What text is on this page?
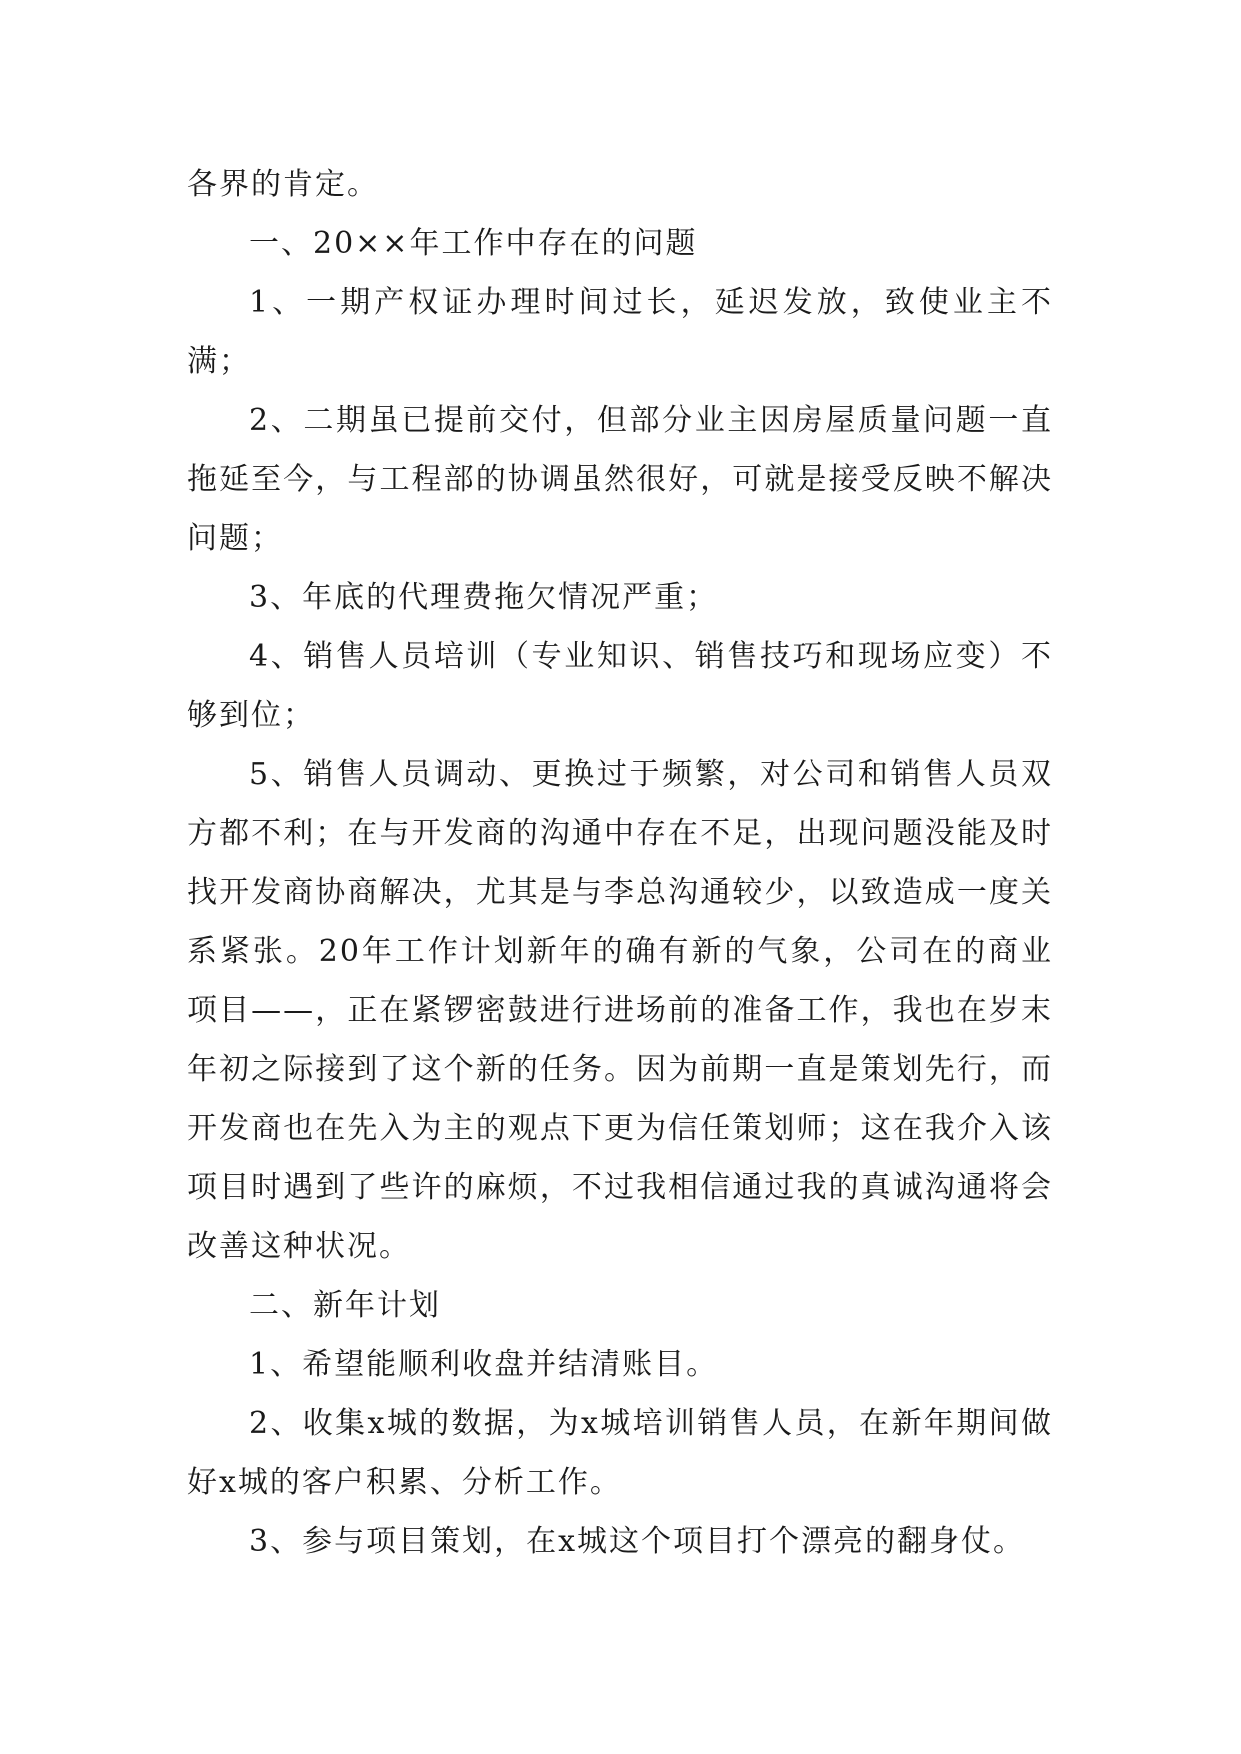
各界的肯定。

一、20××年工作中存在的问题

1、一期产权证办理时间过长，延迟发放，致使业主不满；

2、二期虽已提前交付，但部分业主因房屋质量问题一直拖延至今，与工程部的协调虽然很好，可就是接受反映不解决问题；

3、年底的代理费拖欠情况严重；

4、销售人员培训（专业知识、销售技巧和现场应变）不够到位；

5、销售人员调动、更换过于频繁，对公司和销售人员双方都不利；在与开发商的沟通中存在不足，出现问题没能及时找开发商协商解决，尤其是与李总沟通较少，以致造成一度关系紧张。20年工作计划新年的确有新的气象，公司在的商业项目——，正在紧锣密鼓进行进场前的准备工作，我也在岁末年初之际接到了这个新的任务。因为前期一直是策划先行，而开发商也在先入为主的观点下更为信任策划师；这在我介入该项目时遇到了些许的麻烦，不过我相信通过我的真诚沟通将会改善这种状况。

二、新年计划

1、希望能顺利收盘并结清账目。

2、收集x城的数据，为x城培训销售人员，在新年期间做好x城的客户积累、分析工作。

3、参与项目策划，在x城这个项目打个漂亮的翻身仗。
